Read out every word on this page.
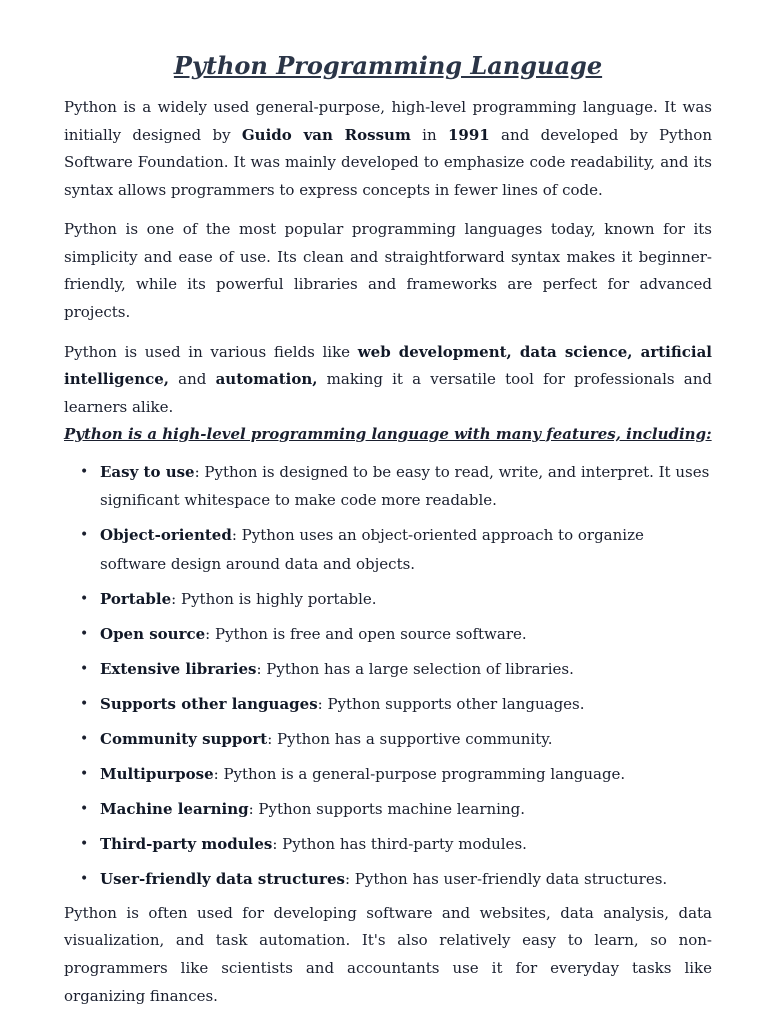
Python Programming Language

Python is a widely used general-purpose, high-level programming language. It was initially designed by Guido van Rossum in 1991 and developed by Python Software Foundation. It was mainly developed to emphasize code readability, and its syntax allows programmers to express concepts in fewer lines of code.

Python is one of the most popular programming languages today, known for its simplicity and ease of use. Its clean and straightforward syntax makes it beginner-friendly, while its powerful libraries and frameworks are perfect for advanced projects.

Python is used in various fields like web development, data science, artificial intelligence, and automation, making it a versatile tool for professionals and learners alike.

Python is a high-level programming language with many features, including:
• Easy to use: Python is designed to be easy to read, write, and interpret. It uses significant whitespace to make code more readable.
• Object-oriented: Python uses an object-oriented approach to organize software design around data and objects.
• Portable: Python is highly portable.
• Open source: Python is free and open source software.
• Extensive libraries: Python has a large selection of libraries.
• Supports other languages: Python supports other languages.
• Community support: Python has a supportive community.
• Multipurpose: Python is a general-purpose programming language.
• Machine learning: Python supports machine learning.
• Third-party modules: Python has third-party modules.
• User-friendly data structures: Python has user-friendly data structures.

Python is often used for developing software and websites, data analysis, data visualization, and task automation. It's also relatively easy to learn, so non-programmers like scientists and accountants use it for everyday tasks like organizing finances.
